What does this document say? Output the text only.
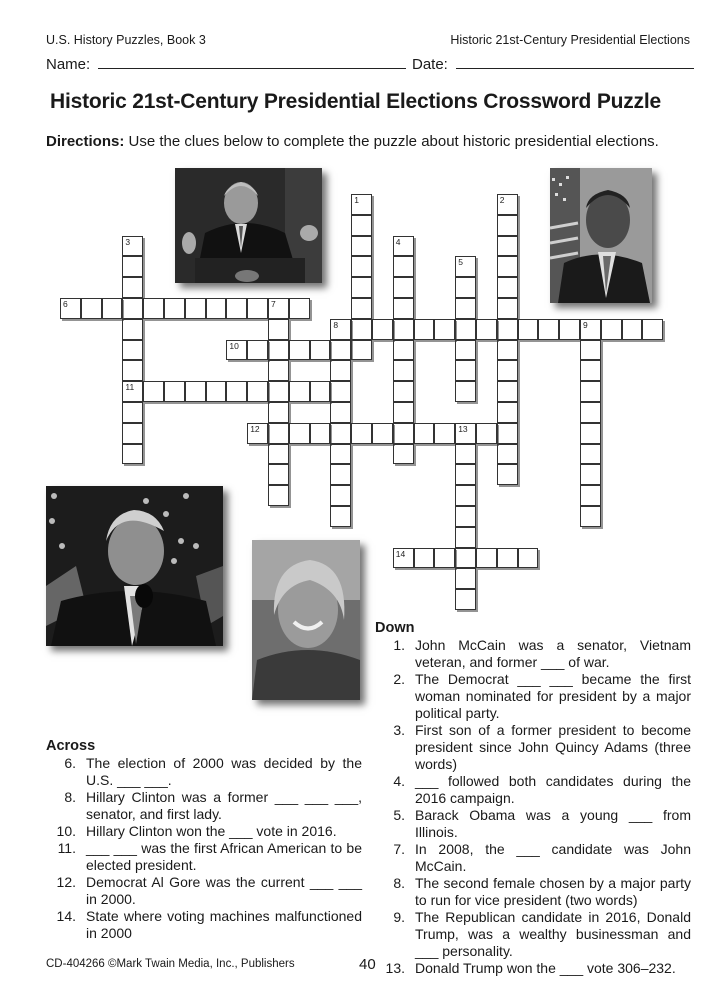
U.S. History Puzzles, Book 3	Historic 21st-Century Presidential Elections
Name:	Date:
Historic 21st-Century Presidential Elections Crossword Puzzle
Directions: Use the clues below to complete the puzzle about historic presidential elections.
1	2
3
11
4
5
6	7
8	9
10
12	13
14
Across
6. The election of 2000 was decided by the U.S. ___ ___.
8. Hillary Clinton was a former ___ ___ ___, senator, and first lady.
10. Hillary Clinton won the ___ vote in 2016.
11. ___ ___ was the first African American to be elected president.
12. Democrat Al Gore was the current ___ ___ in 2000.
14. State where voting machines malfunctioned in 2000
Down
1. John McCain was a senator, Vietnam veteran, and former ___ of war.
2. The Democrat ___ ___ became the first woman nominated for president by a major political party.
3. First son of a former president to become president since John Quincy Adams (three words)
4. ___ followed both candidates during the 2016 campaign.
5. Barack Obama was a young ___ from Illinois.
7. In 2008, the ___ candidate was John McCain.
8. The second female chosen by a major party to run for vice president (two words)
9. The Republican candidate in 2016, Donald Trump, was a wealthy businessman and ___ personality.
13. Donald Trump won the ___ vote 306–232.
CD-404266 ©Mark Twain Media, Inc., Publishers	40
